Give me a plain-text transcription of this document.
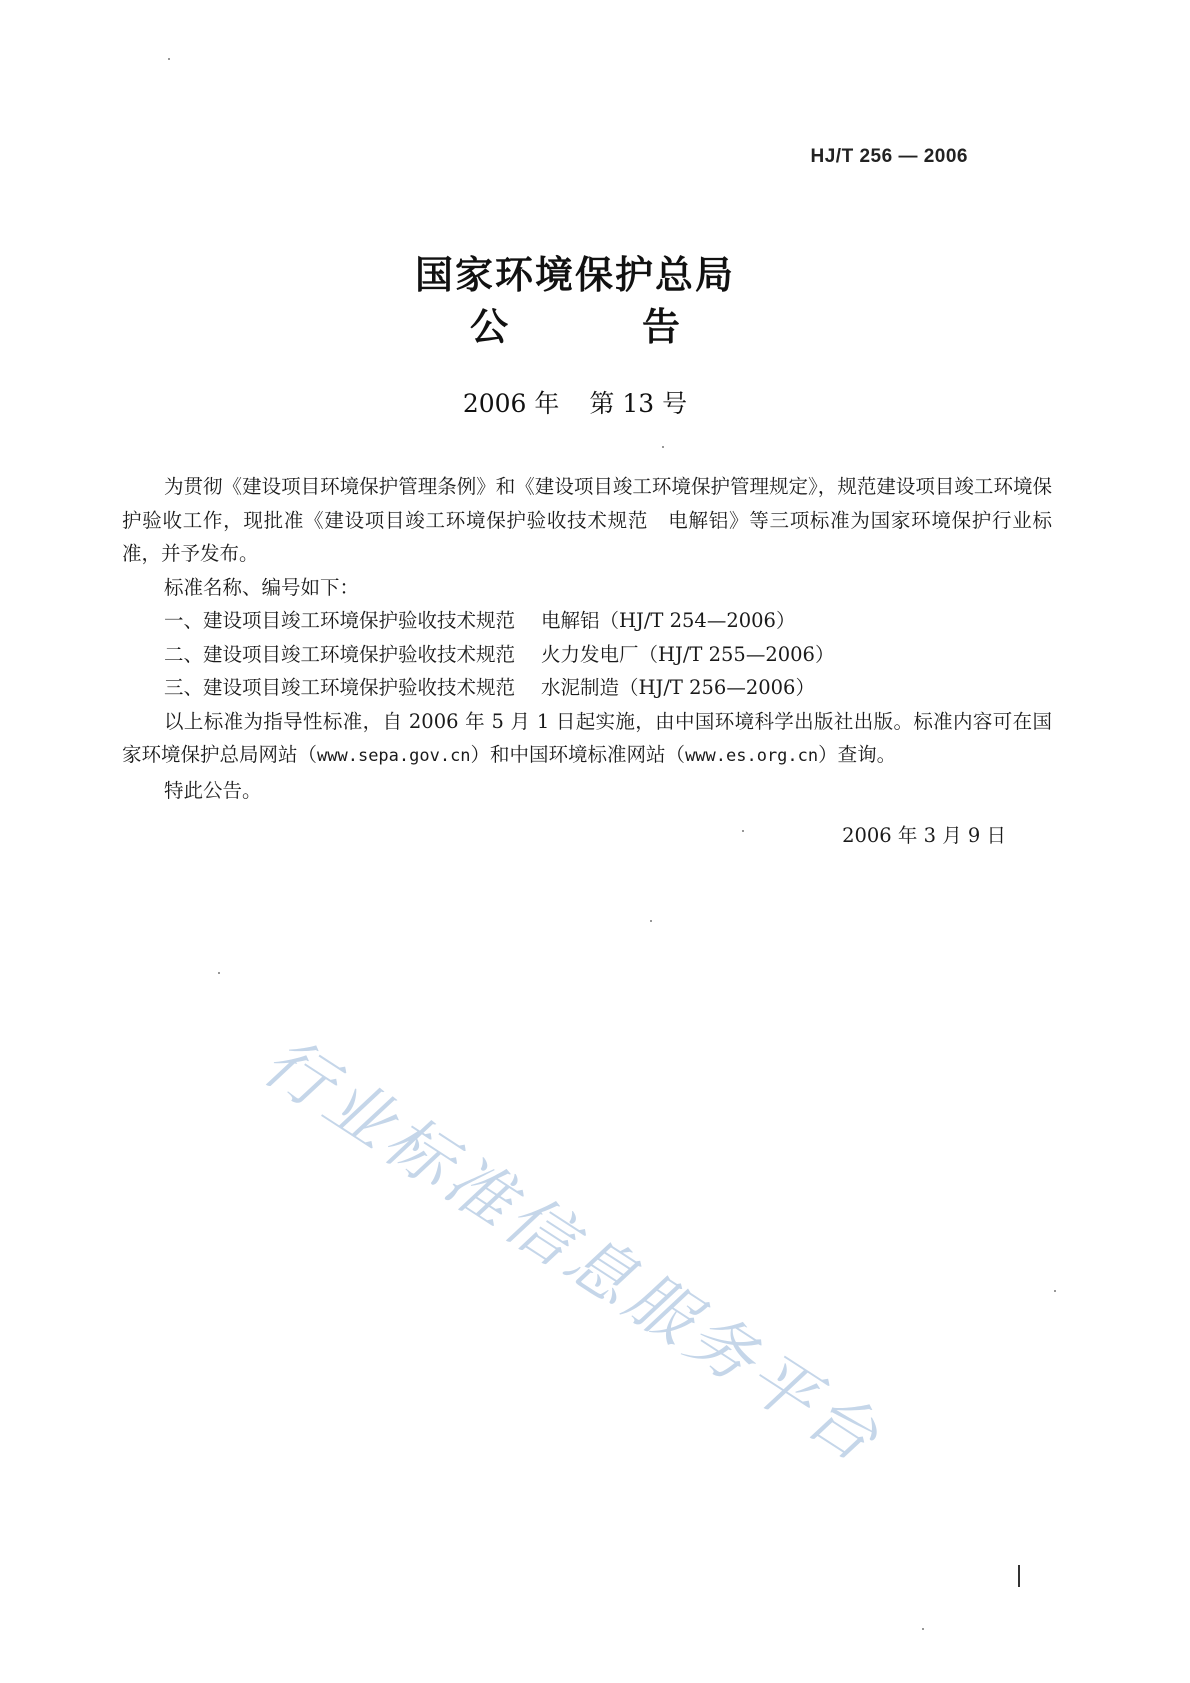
HJ/T 256 — 2006
国家环境保护总局
公	告
2006 年 第 13 号

为贯彻《建设项目环境保护管理条例》和《建设项目竣工环境保护管理规定》，规范建设项目竣工环境保护验收工作，现批准《建设项目竣工环境保护验收技术规范　电解铝》等三项标准为国家环境保护行业标准，并予发布。

标准名称、编号如下：
一、建设项目竣工环境保护验收技术规范 电解铝（HJ/T 254—2006）
二、建设项目竣工环境保护验收技术规范 火力发电厂（HJ/T 255—2006）
三、建设项目竣工环境保护验收技术规范 水泥制造（HJ/T 256—2006）

以上标准为指导性标准，自 2006 年 5 月 1 日起实施，由中国环境科学出版社出版。标准内容可在国家环境保护总局网站（www.sepa.gov.cn）和中国环境标准网站（www.es.org.cn）查询。

特此公告。
2006 年 3 月 9 日
行业标准信息服务平台
